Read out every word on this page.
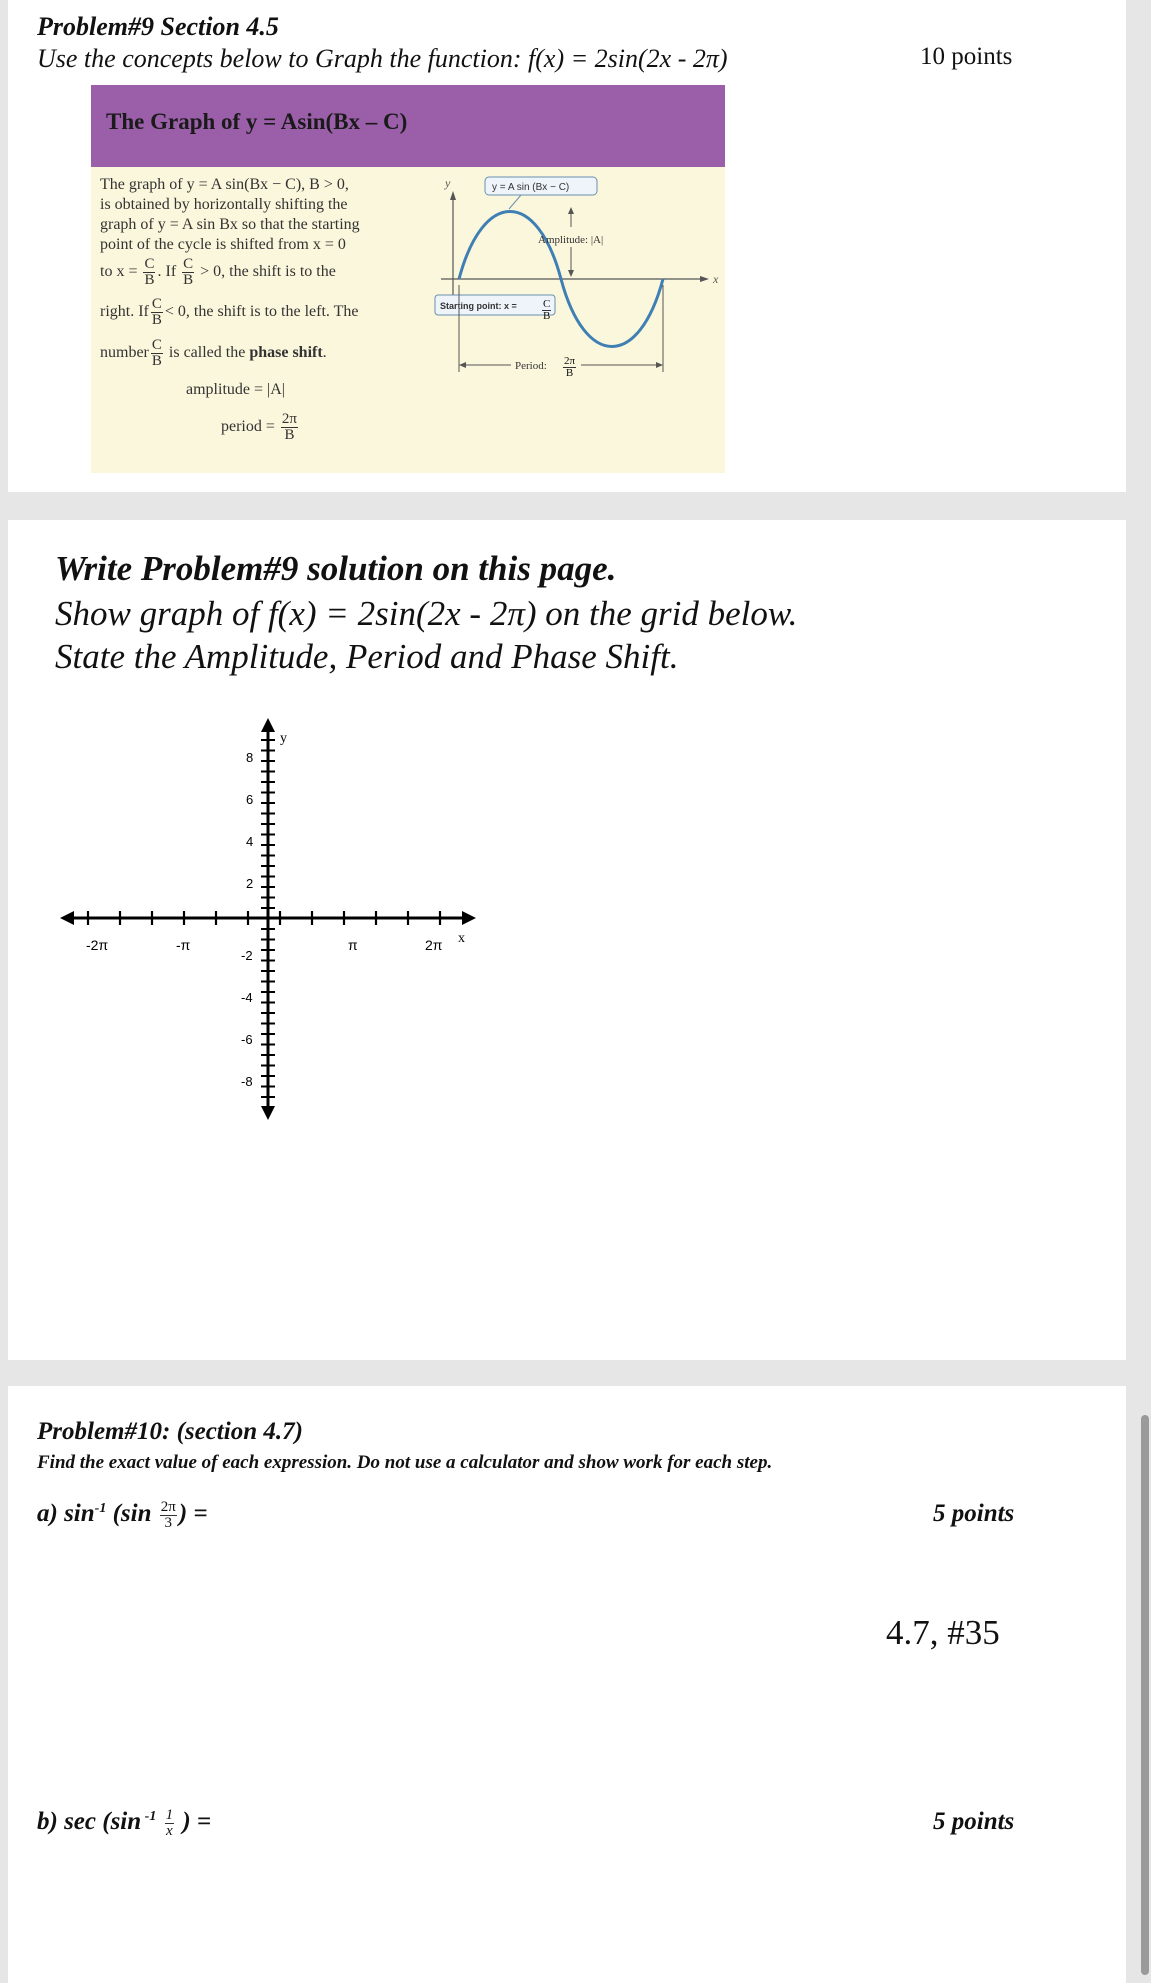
Problem#9 Section 4.5
Use the concepts below to Graph the function: f(x) = 2sin(2x - 2π)	10 points
The Graph of y = Asin(Bx – C)
The graph of y = A sin(Bx − C), B > 0,
is obtained by horizontally shifting the
graph of y = A sin Bx so that the starting
point of the cycle is shifted from x = 0
to $x = \frac{C}{B}$ . If $\frac{C}{B} > 0$, the shift is to the
right. If $\frac{C}{B} < 0$, the shift is to the left. The
number $\frac{C}{B}$ is called the phase shift.
amplitude = |A|
period = $\frac{2\pi}{B}$
y
x
y = A sin (Bx − C)
Amplitude: |A|
Starting point: x =
Period:
$\frac{C}{B}$
$\frac{2\pi}{B}$
Write Problem#9 solution on this page.
Show graph of f(x) = 2sin(2x - 2π) on the grid below.
State the Amplitude, Period and Phase Shift.
y
x
8
6
4
2
-2
-4
-6
-8
-2π	-π	π	2π
Problem#10: (section 4.7)
Find the exact value of each expression. Do not use a calculator and show work for each step.
a) $\sin^{-1} (\sin \frac{2\pi}{3}$ ) =	5 points
4.7, #35
b) sec (sin $^{-1} \frac{1}{x}$ ) =	5 points
